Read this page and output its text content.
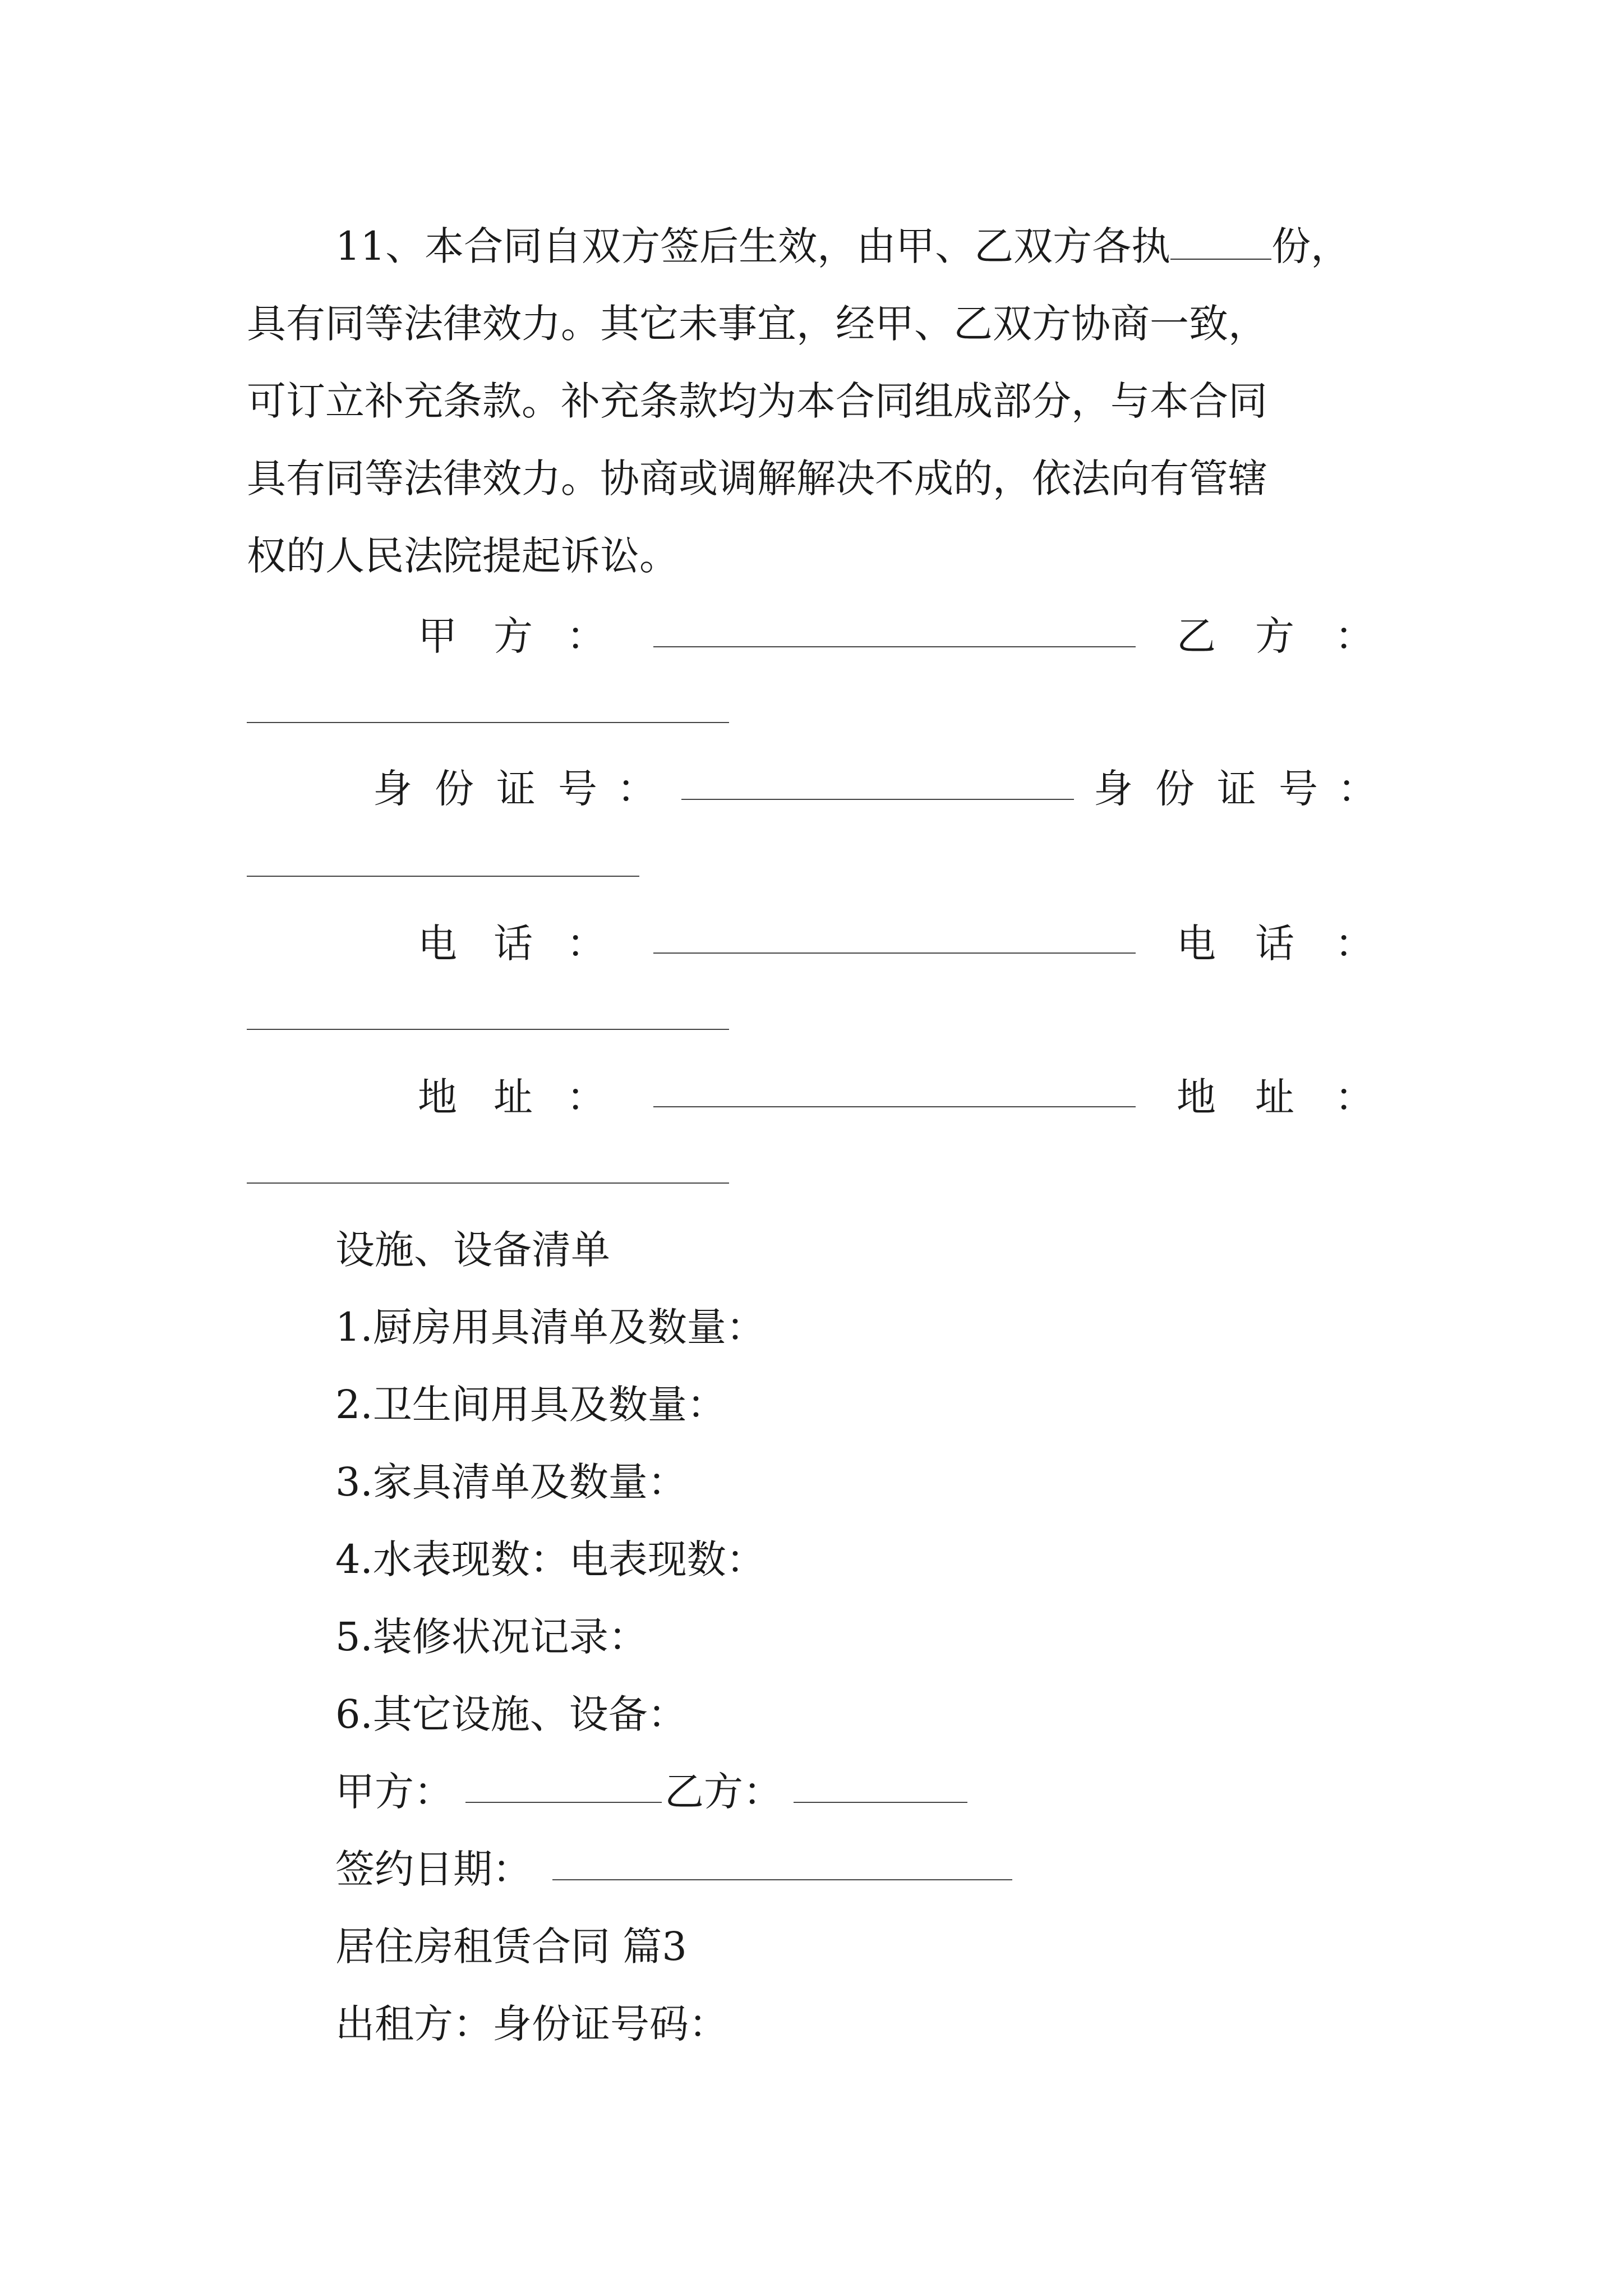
11、本合同自双方签后生效，由甲、乙双方各执	份，
具有同等法律效力。其它未事宜，经甲、乙双方协商一致，
可订立补充条款。补充条款均为本合同组成部分，与本合同
具有同等法律效力。协商或调解解决不成的，依法向有管辖
权的人民法院提起诉讼。
甲 方 ：	乙 方 ：
身 份 证 号 ：	身 份 证 号 ：
电 话 ：	电 话 ：
地 址 ：	地 址 ：
设施、设备清单
1.厨房用具清单及数量：
2.卫生间用具及数量：
3.家具清单及数量：
4.水表现数：电表现数：
5.装修状况记录：
6.其它设施、设备：
甲方：	乙方：
签约日期：
居住房租赁合同 篇3
出租方：身份证号码：
